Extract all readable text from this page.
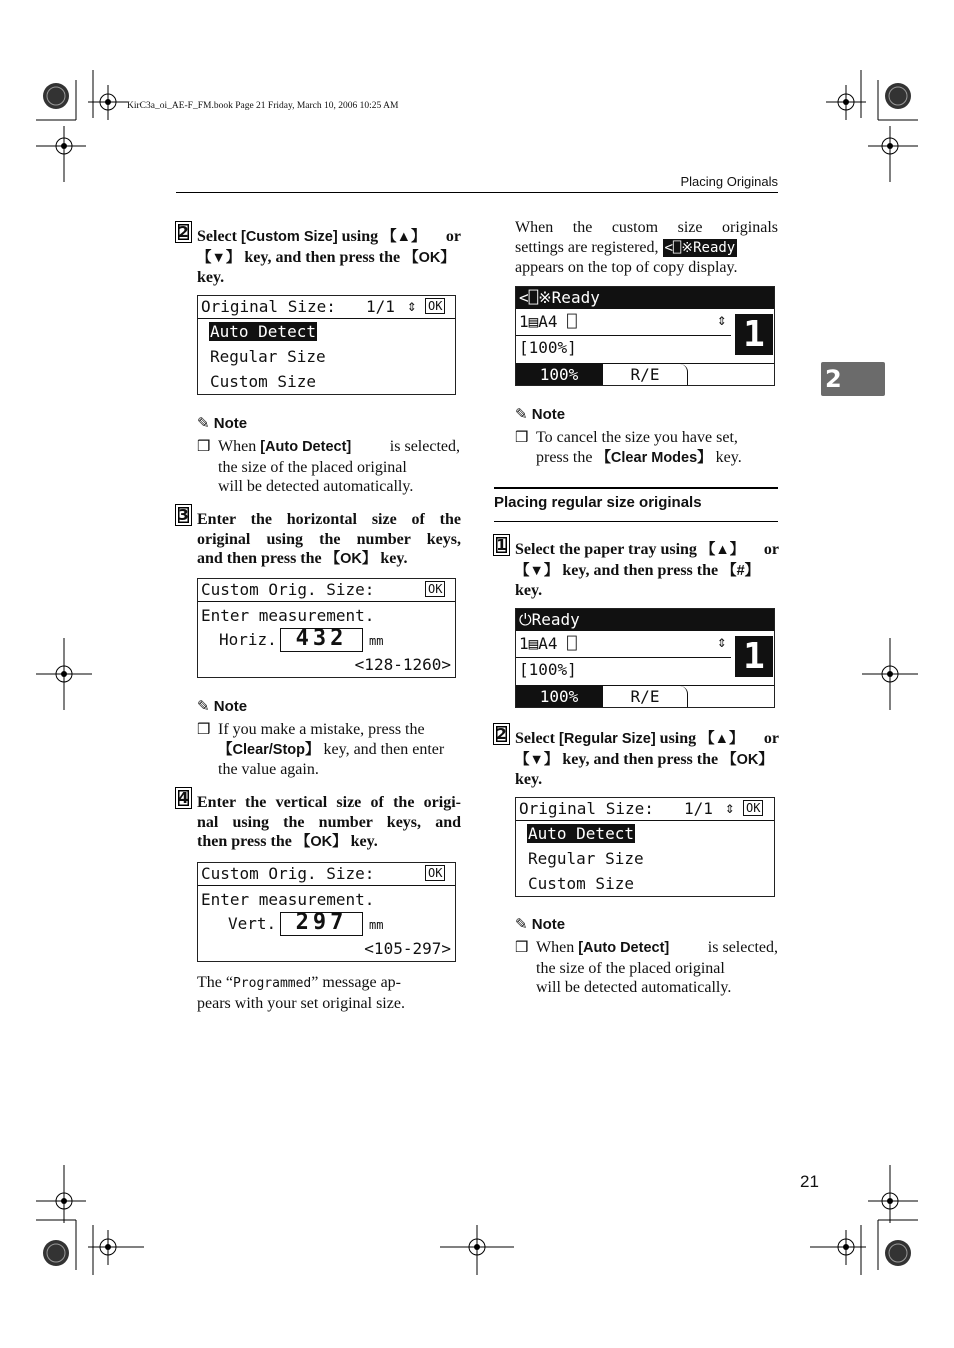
KirC3a_oi_AE-F_FM.book Page 21 Friday, March 10, 2006 10:25 AM
Placing Originals
2
2 Select [Custom Size] using 【▲】 or
【▼】 key, and then press the 【OK】
key.
Original Size: 1/1 ⇕ OK
Auto Detect
Regular Size
Custom Size
✎ Note
❒ When [Auto Detect] is selected,
the size of the placed original
will be detected automatically.
3 Enter the horizontal size of the
original using the number keys,
and then press the 【OK】 key.
Custom Orig. Size:	OK
Enter measurement.
Horiz. 432	mm
<128-1260>
✎ Note
❒ If you make a mistake, press the
【Clear/Stop】 key, and then enter
the value again.
4 Enter the vertical size of the origi-
nal using the number keys, and
then press the 【OK】 key.
Custom Orig. Size:	OK
Enter measurement.
Vert. 297	mm
<105-297>
The “Programmed” message ap-
pears with your set original size.
When the custom size originals
settings are registered, <⎕※Ready
appears on the top of copy display.
<⎕※Ready
1▤A4 ⎕	⇕
[100%]	1
100%	R/E
✎ Note
❒ To cancel the size you have set,
press the 【Clear Modes】 key.
Placing regular size originals
1 Select the paper tray using 【▲】 or
【▼】 key, and then press the 【#】
key.
⏻Ready
1▤A4 ⎕	⇕
[100%]	1
100%	R/E
2 Select [Regular Size] using 【▲】 or
【▼】 key, and then press the 【OK】
key.
Original Size: 1/1 ⇕ OK
Auto Detect
Regular Size
Custom Size
✎ Note
❒ When [Auto Detect] is selected,
the size of the placed original
will be detected automatically.
21
